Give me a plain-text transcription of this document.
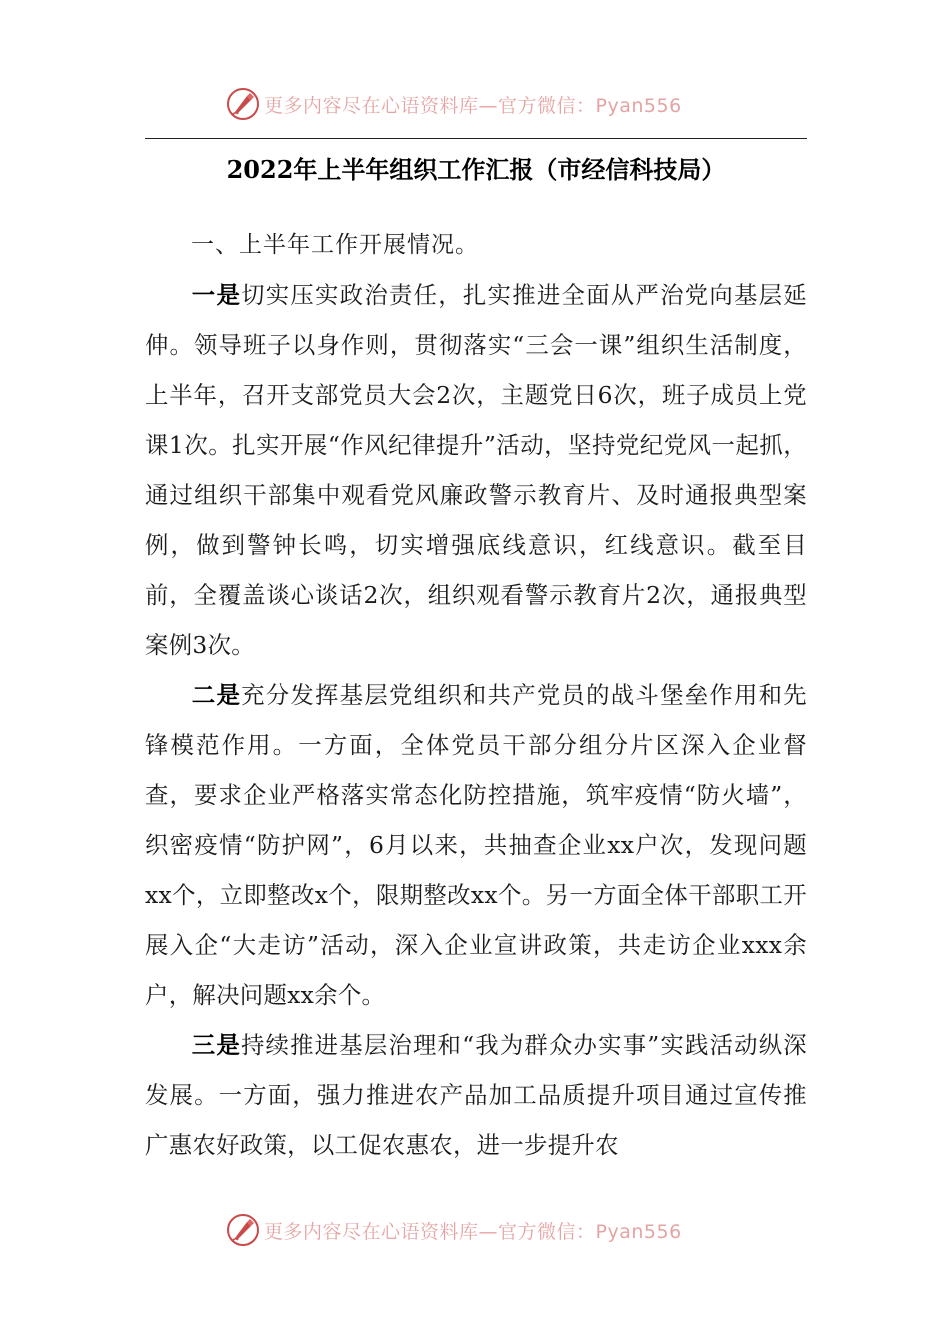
更多内容尽在心语资料库—官方微信：Pyan556
2022年上半年组织工作汇报（市经信科技局）

一、上半年工作开展情况。

一是切实压实政治责任，扎实推进全面从严治党向基层延伸。领导班子以身作则，贯彻落实“三会一课”组织生活制度，上半年，召开支部党员大会2次，主题党日6次，班子成员上党课1次。扎实开展“作风纪律提升”活动，坚持党纪党风一起抓，通过组织干部集中观看党风廉政警示教育片、及时通报典型案例，做到警钟长鸣，切实增强底线意识，红线意识。截至目前，全覆盖谈心谈话2次，组织观看警示教育片2次，通报典型案例3次。

二是充分发挥基层党组织和共产党员的战斗堡垒作用和先锋模范作用。一方面，全体党员干部分组分片区深入企业督查，要求企业严格落实常态化防控措施，筑牢疫情“防火墙”，织密疫情“防护网”，6月以来，共抽查企业xx户次，发现问题xx个，立即整改x个，限期整改xx个。另一方面全体干部职工开展入企“大走访”活动，深入企业宣讲政策，共走访企业xxx余户，解决问题xx余个。

三是持续推进基层治理和“我为群众办实事”实践活动纵深发展。一方面，强力推进农产品加工品质提升项目通过宣传推广惠农好政策，以工促农惠农，进一步提升农

更多内容尽在心语资料库—官方微信：Pyan556
